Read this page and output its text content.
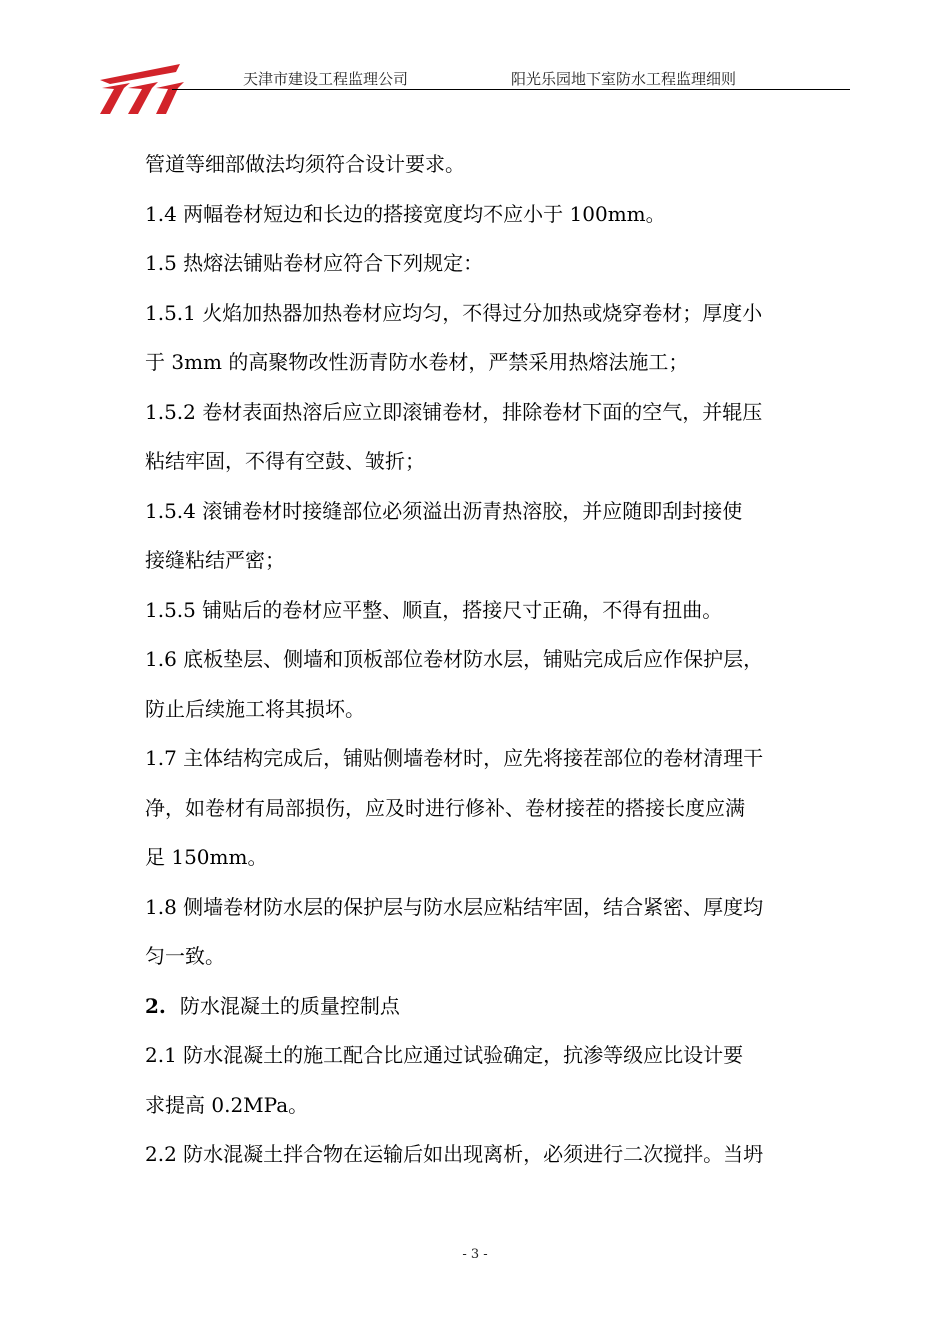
天津市建设工程监理公司	阳光乐园地下室防水工程监理细则

管道等细部做法均须符合设计要求。

1.4 两幅卷材短边和长边的搭接宽度均不应小于 100mm。

1.5 热熔法铺贴卷材应符合下列规定：

1.5.1 火焰加热器加热卷材应均匀，不得过分加热或烧穿卷材；厚度小

于 3mm 的高聚物改性沥青防水卷材，严禁采用热熔法施工；

1.5.2 卷材表面热溶后应立即滚铺卷材，排除卷材下面的空气，并辊压

粘结牢固，不得有空鼓、皱折；

1.5.4 滚铺卷材时接缝部位必须溢出沥青热溶胶，并应随即刮封接使

接缝粘结严密；

1.5.5 铺贴后的卷材应平整、顺直，搭接尺寸正确，不得有扭曲。

1.6 底板垫层、侧墙和顶板部位卷材防水层，铺贴完成后应作保护层，

防止后续施工将其损坏。

1.7 主体结构完成后，铺贴侧墙卷材时，应先将接茬部位的卷材清理干

净，如卷材有局部损伤，应及时进行修补、卷材接茬的搭接长度应满

足 150mm。

1.8 侧墙卷材防水层的保护层与防水层应粘结牢固，结合紧密、厚度均

匀一致。

2. 防水混凝土的质量控制点

2.1 防水混凝土的施工配合比应通过试验确定，抗渗等级应比设计要

求提高 0.2MPa。

2.2 防水混凝土拌合物在运输后如出现离析，必须进行二次搅拌。当坍

- 3 -
